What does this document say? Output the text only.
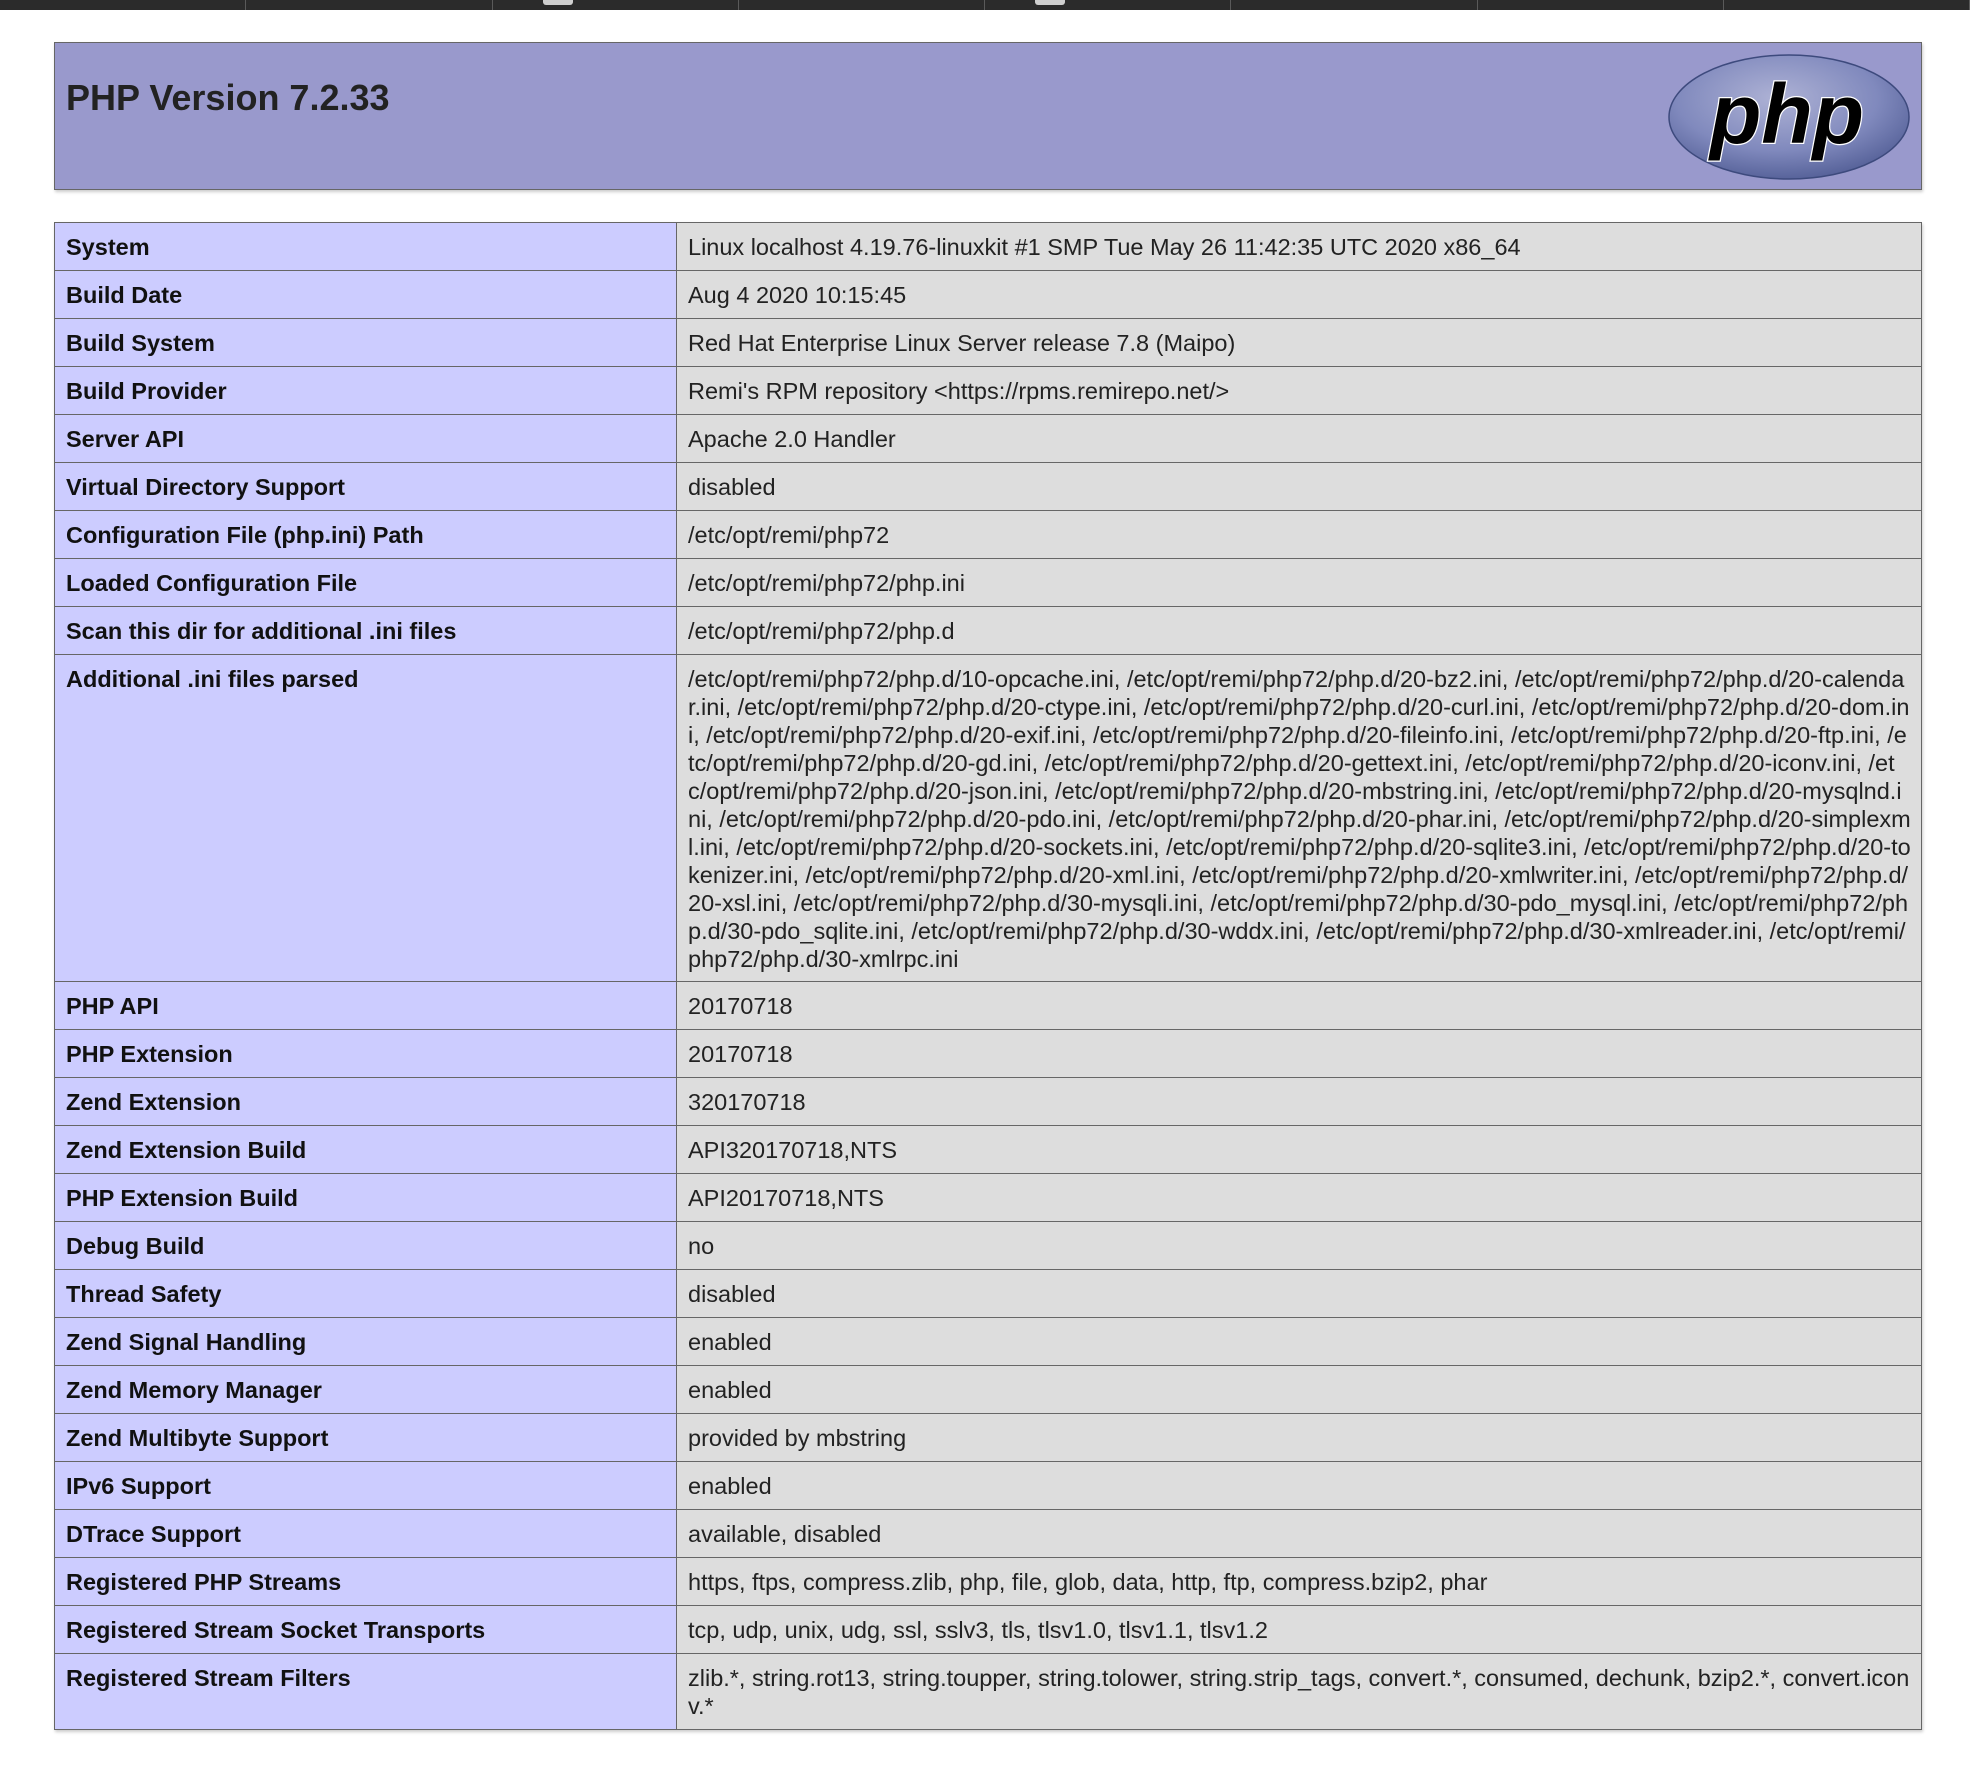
PHP Version 7.2.33	php
System	Linux localhost 4.19.76-linuxkit #1 SMP Tue May 26 11:42:35 UTC 2020 x86_64
Build Date	Aug 4 2020 10:15:45
Build System	Red Hat Enterprise Linux Server release 7.8 (Maipo)
Build Provider	Remi's RPM repository <https://rpms.remirepo.net/>
Server API	Apache 2.0 Handler
Virtual Directory Support	disabled
Configuration File (php.ini) Path	/etc/opt/remi/php72
Loaded Configuration File	/etc/opt/remi/php72/php.ini
Scan this dir for additional .ini files	/etc/opt/remi/php72/php.d
Additional .ini files parsed	/etc/opt/remi/php72/php.d/10-opcache.ini, /etc/opt/remi/php72/php.d/20-bz2.ini, /etc/opt/remi/php72/php.d/20-calendar.ini, /etc/opt/remi/php72/php.d/20-ctype.ini, /etc/opt/remi/php72/php.d/20-curl.ini, /etc/opt/remi/php72/php.d/20-dom.ini, /etc/opt/remi/php72/php.d/20-exif.ini, /etc/opt/remi/php72/php.d/20-fileinfo.ini, /etc/opt/remi/php72/php.d/20-ftp.ini, /etc/opt/remi/php72/php.d/20-gd.ini, /etc/opt/remi/php72/php.d/20-gettext.ini, /etc/opt/remi/php72/php.d/20-iconv.ini, /etc/opt/remi/php72/php.d/20-json.ini, /etc/opt/remi/php72/php.d/20-mbstring.ini, /etc/opt/remi/php72/php.d/20-mysqlnd.ini, /etc/opt/remi/php72/php.d/20-pdo.ini, /etc/opt/remi/php72/php.d/20-phar.ini, /etc/opt/remi/php72/php.d/20-simplexml.ini, /etc/opt/remi/php72/php.d/20-sockets.ini, /etc/opt/remi/php72/php.d/20-sqlite3.ini, /etc/opt/remi/php72/php.d/20-tokenizer.ini, /etc/opt/remi/php72/php.d/20-xml.ini, /etc/opt/remi/php72/php.d/20-xmlwriter.ini, /etc/opt/remi/php72/php.d/20-xsl.ini, /etc/opt/remi/php72/php.d/30-mysqli.ini, /etc/opt/remi/php72/php.d/30-pdo_mysql.ini, /etc/opt/remi/php72/php.d/30-pdo_sqlite.ini, /etc/opt/remi/php72/php.d/30-wddx.ini, /etc/opt/remi/php72/php.d/30-xmlreader.ini, /etc/opt/remi/php72/php.d/30-xmlrpc.ini
PHP API	20170718
PHP Extension	20170718
Zend Extension	320170718
Zend Extension Build	API320170718,NTS
PHP Extension Build	API20170718,NTS
Debug Build	no
Thread Safety	disabled
Zend Signal Handling	enabled
Zend Memory Manager	enabled
Zend Multibyte Support	provided by mbstring
IPv6 Support	enabled
DTrace Support	available, disabled
Registered PHP Streams	https, ftps, compress.zlib, php, file, glob, data, http, ftp, compress.bzip2, phar
Registered Stream Socket Transports	tcp, udp, unix, udg, ssl, sslv3, tls, tlsv1.0, tlsv1.1, tlsv1.2
Registered Stream Filters	zlib.*, string.rot13, string.toupper, string.tolower, string.strip_tags, convert.*, consumed, dechunk, bzip2.*, convert.iconv.*
